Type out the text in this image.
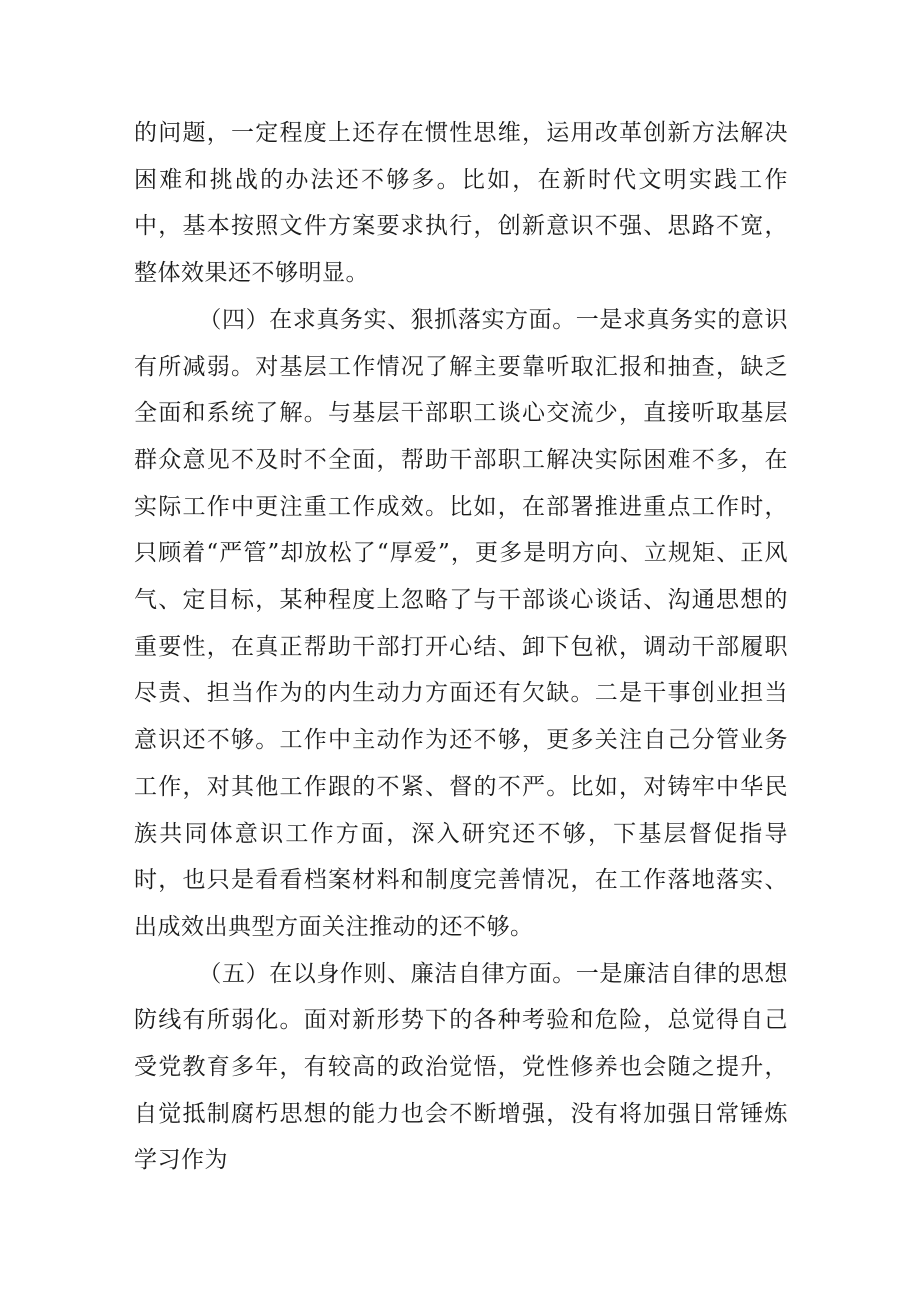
的问题，一定程度上还存在惯性思维，运用改革创新方法解决困难和挑战的办法还不够多。比如，在新时代文明实践工作中，基本按照文件方案要求执行，创新意识不强、思路不宽，整体效果还不够明显。

（四）在求真务实、狠抓落实方面。一是求真务实的意识有所减弱。对基层工作情况了解主要靠听取汇报和抽查，缺乏全面和系统了解。与基层干部职工谈心交流少，直接听取基层群众意见不及时不全面，帮助干部职工解决实际困难不多，在实际工作中更注重工作成效。比如，在部署推进重点工作时，只顾着“严管”却放松了“厚爱”，更多是明方向、立规矩、正风气、定目标，某种程度上忽略了与干部谈心谈话、沟通思想的重要性，在真正帮助干部打开心结、卸下包袱，调动干部履职尽责、担当作为的内生动力方面还有欠缺。二是干事创业担当意识还不够。工作中主动作为还不够，更多关注自己分管业务工作，对其他工作跟的不紧、督的不严。比如，对铸牢中华民族共同体意识工作方面，深入研究还不够，下基层督促指导时，也只是看看档案材料和制度完善情况，在工作落地落实、出成效出典型方面关注推动的还不够。

（五）在以身作则、廉洁自律方面。一是廉洁自律的思想防线有所弱化。面对新形势下的各种考验和危险，总觉得自己受党教育多年，有较高的政治觉悟，党性修养也会随之提升，自觉抵制腐朽思想的能力也会不断增强，没有将加强日常锤炼学习作为
